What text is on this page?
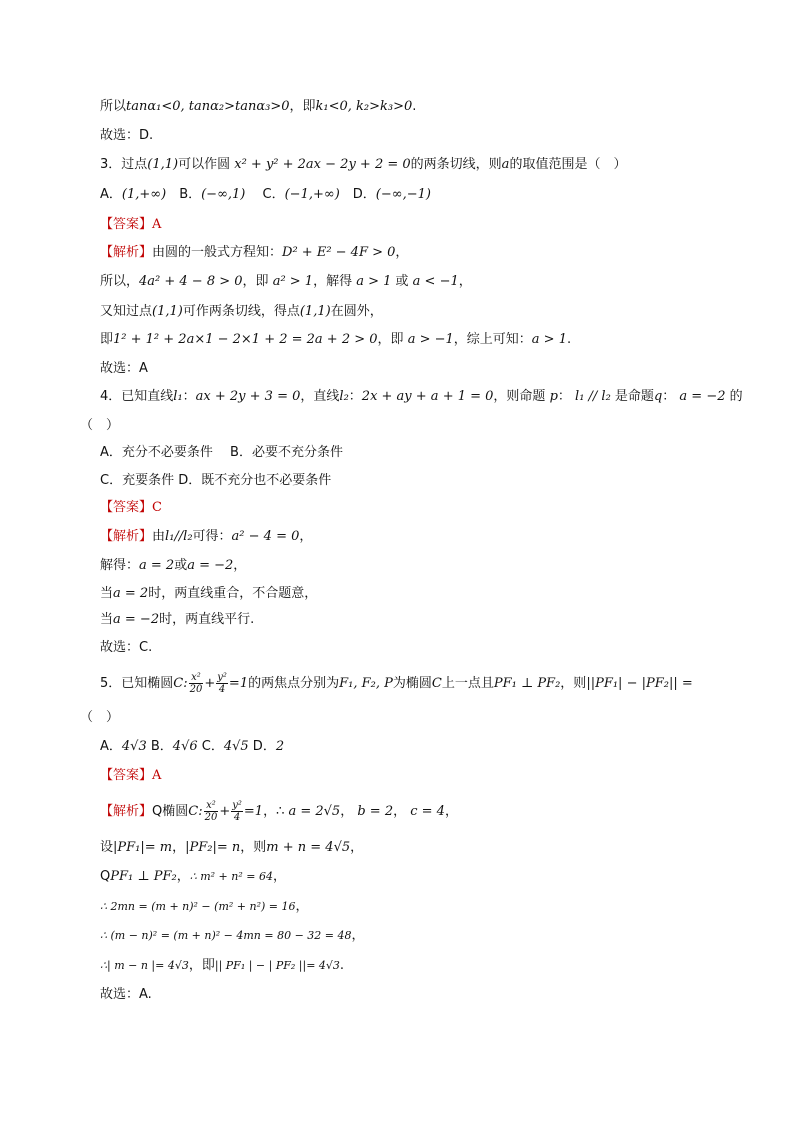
所以tanα₁<0, tanα₂>tanα₃>0，即k₁<0, k₂>k₃>0.
故选：D.
3．过点(1,1)可以作圆 x² + y² + 2ax − 2y + 2 = 0的两条切线，则a的取值范围是（　）
A．(1,+∞)　B．(−∞,1)　 C．(−1,+∞)　D．(−∞,−1)
【答案】A
【解析】由圆的一般式方程知：D² + E² − 4F > 0，
所以，4a² + 4 − 8 > 0，即 a² > 1，解得 a > 1 或 a < −1，
又知过点(1,1)可作两条切线，得点(1,1)在圆外，
即1² + 1² + 2a×1 − 2×1 + 2 = 2a + 2 > 0，即 a > −1，综上可知：a > 1.
故选：A
4．已知直线l₁：ax + 2y + 3 = 0，直线l₂：2x + ay + a + 1 = 0，则命题 p： l₁ // l₂ 是命题q： a = −2 的
（　）
A．充分不必要条件　 B．必要不充分条件
C．充要条件 D．既不充分也不必要条件
【答案】C
【解析】由l₁//l₂可得：a² − 4 = 0，
解得：a = 2或a = −2，
当a = 2时，两直线重合，不合题意，
当a = −2时，两直线平行.
故选：C.
5．已知椭圆C: $\frac{\text{x²}}{20} + \frac{\text{y²}}{4} =1$的两焦点分别为F₁, F₂, P为椭圆C上一点且PF₁ ⊥ PF₂，则||PF₁| − |PF₂|| =
（　）
A．4√3 B．4√6 C．4√5 D．2
【答案】A
【解析】Q椭圆C: $\frac{\text{x²}}{20} + \frac{\text{y²}}{4} =1$，∴ a = 2√5， b = 2， c = 4，
设|PF₁|= m，|PF₂|= n，则m + n = 4√5，
QPF₁ ⊥ PF₂，∴ m² + n² = 64，
∴ 2mn = (m + n)² − (m² + n²) = 16，
∴ (m − n)² = (m + n)² − 4mn = 80 − 32 = 48，
∴| m − n |= 4√3，即|| PF₁ | − | PF₂ ||= 4√3.
故选：A.
